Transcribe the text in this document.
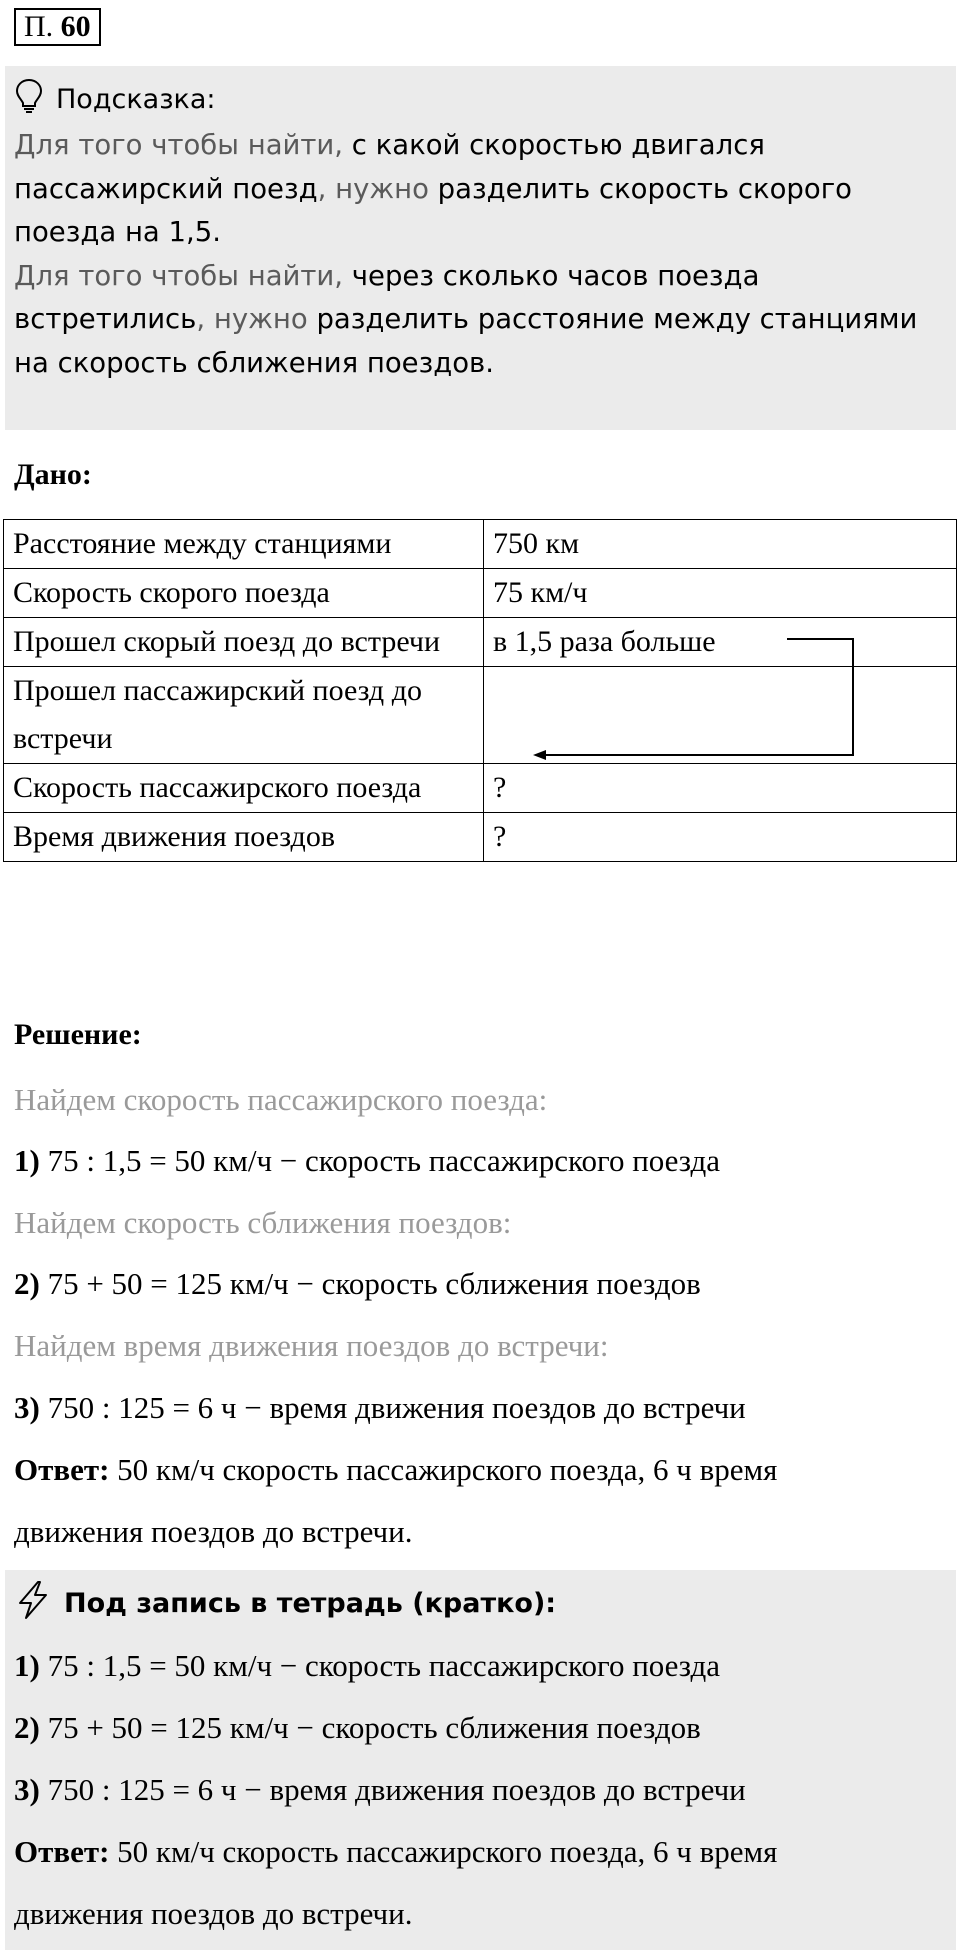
П. 60
Подсказка:
Для того чтобы найти, с какой скоростью двигался пассажирский поезд, нужно разделить скорость скорого поезда на 1,5.
Для того чтобы найти, через сколько часов поезда встретились, нужно разделить расстояние между станциями на скорость сближения поездов.
Дано:
Расстояние между станциями	750 км
Скорость скорого поезда	75 км/ч
Прошел скорый поезд до встречи	в 1,5 раза больше
Прошел пассажирский поезд до встречи	
Скорость пассажирского поезда	?
Время движения поездов	?
Решение:
Найдем скорость пассажирского поезда:
1) 75 : 1,5 = 50 км/ч − скорость пассажирского поезда
Найдем скорость сближения поездов:
2) 75 + 50 = 125 км/ч − скорость сближения поездов
Найдем время движения поездов до встречи:
3) 750 : 125 = 6 ч − время движения поездов до встречи
Ответ: 50 км/ч скорость пассажирского поезда, 6 ч время
движения поездов до встречи.
Под запись в тетрадь (кратко):
1) 75 : 1,5 = 50 км/ч − скорость пассажирского поезда
2) 75 + 50 = 125 км/ч − скорость сближения поездов
3) 750 : 125 = 6 ч − время движения поездов до встречи
Ответ: 50 км/ч скорость пассажирского поезда, 6 ч время
движения поездов до встречи.
